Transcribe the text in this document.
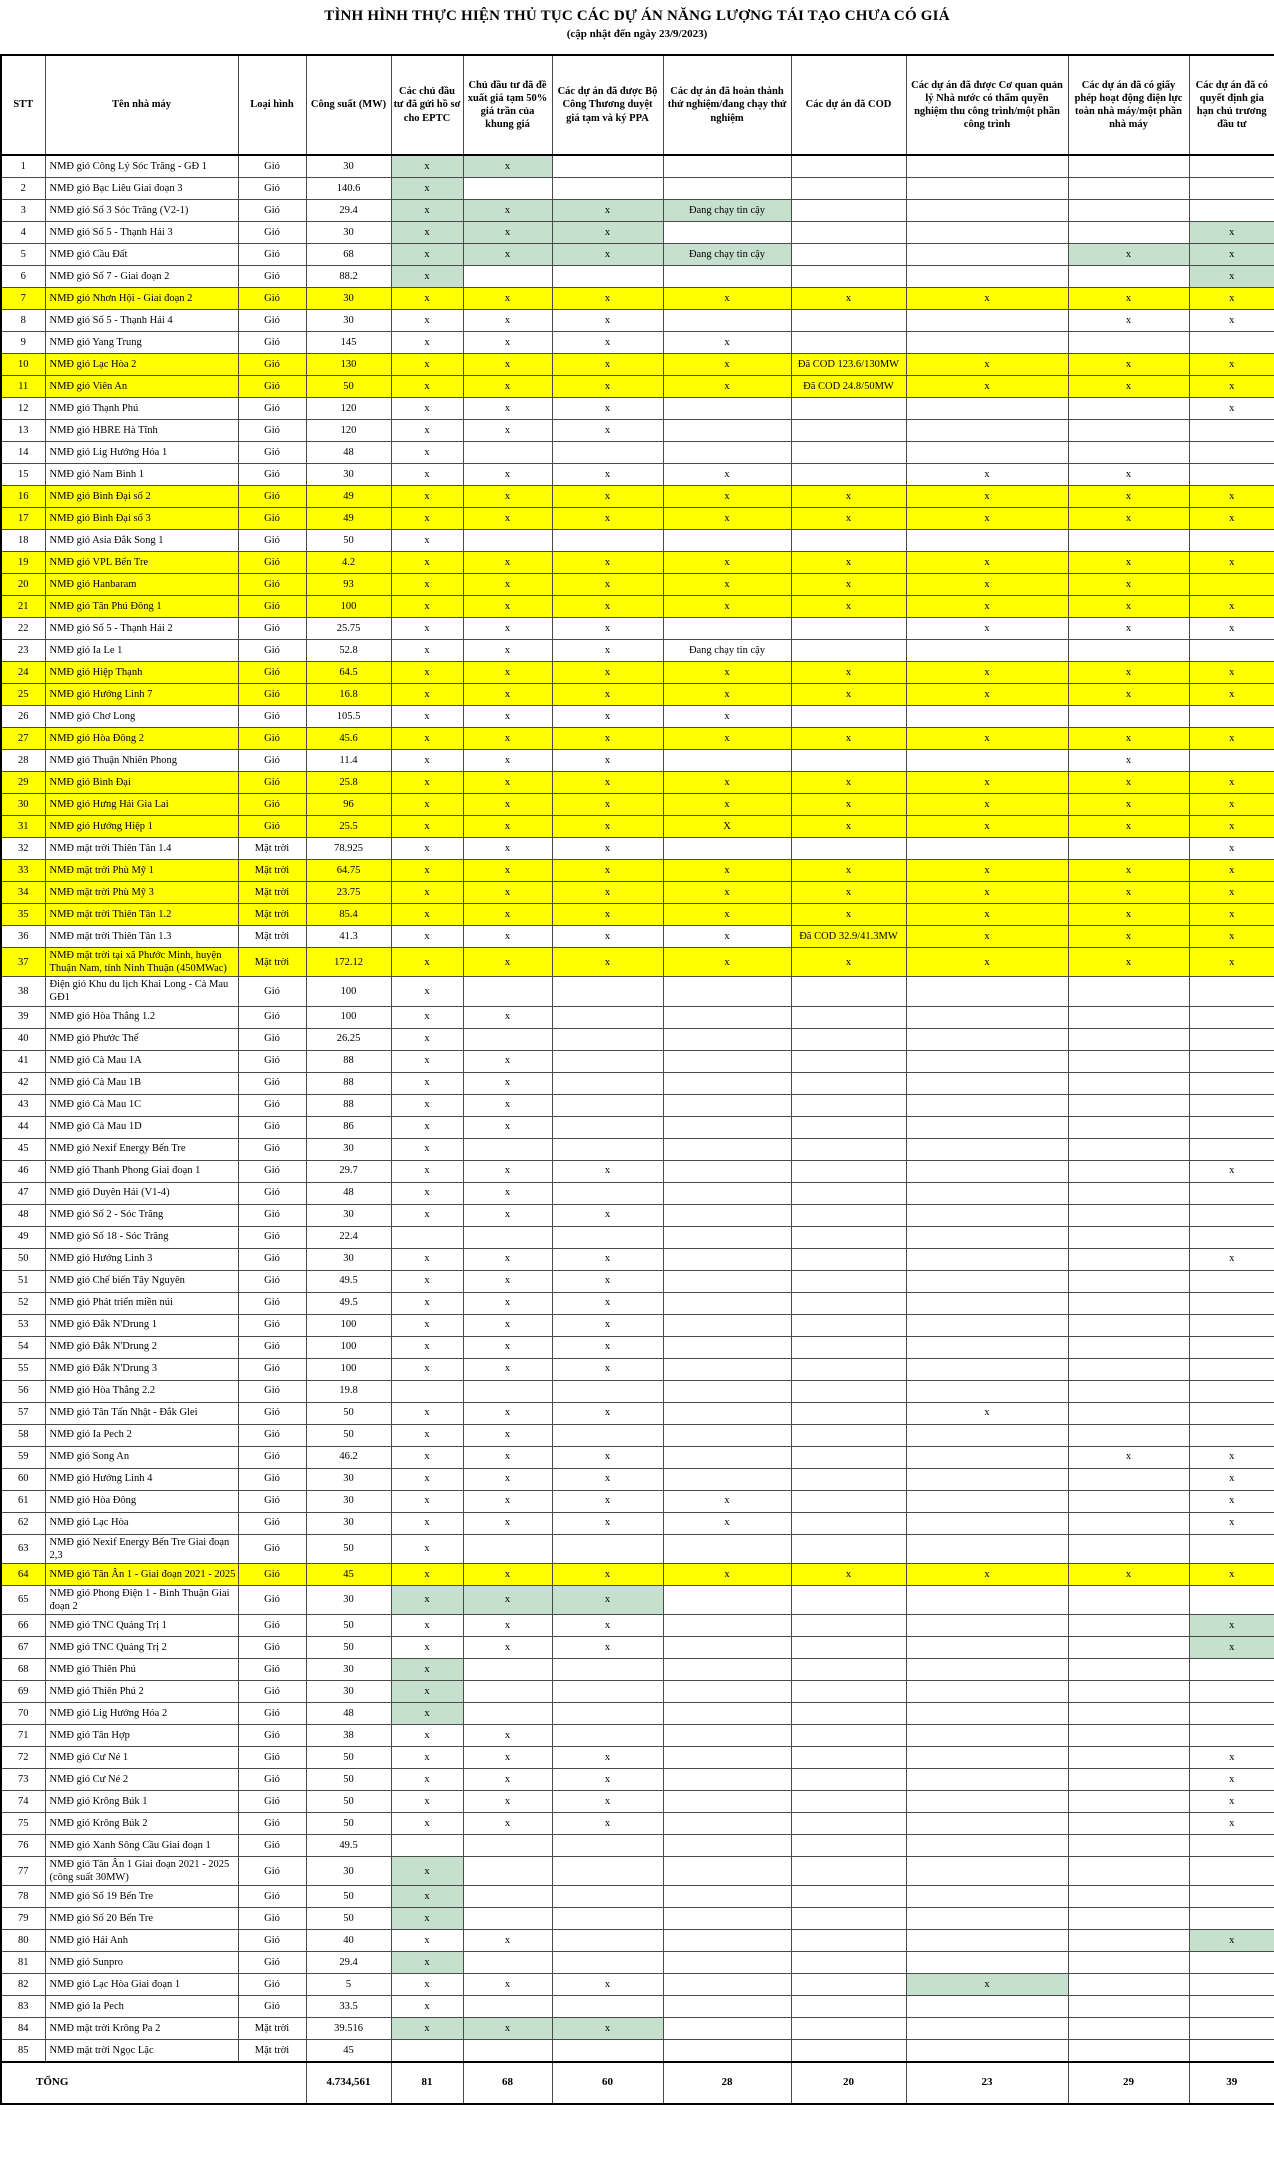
TÌNH HÌNH THỰC HIỆN THỦ TỤC CÁC DỰ ÁN NĂNG LƯỢNG TÁI TẠO CHƯA CÓ GIÁ
(cập nhật đến ngày 23/9/2023)
STT	Tên nhà máy	Loại hình	Công suất (MW)	Các chủ đầu tư đã gửi hồ sơ cho EPTC	Chủ đầu tư đã đề xuất giá tạm 50% giá trần của khung giá	Các dự án đã được Bộ Công Thương duyệt giá tạm và ký PPA	Các dự án đã hoàn thành thử nghiệm/đang chạy thử nghiệm	Các dự án đã COD	Các dự án đã được Cơ quan quản lý Nhà nước có thẩm quyền nghiệm thu công trình/một phần công trình	Các dự án đã có giấy phép hoạt động điện lực toàn nhà máy/một phần nhà máy	Các dự án đã có quyết định gia hạn chủ trương đầu tư
1	NMĐ gió Công Lý Sóc Trăng - GĐ 1	Gió	30	x	x						
2	NMĐ gió Bạc Liêu Giai đoạn 3	Gió	140.6	x							
3	NMĐ gió Số 3 Sóc Trăng (V2-1)	Gió	29.4	x	x	x	Đang chạy tin cậy				
4	NMĐ gió Số 5 - Thạnh Hải 3	Gió	30	x	x	x					x
5	NMĐ gió Cầu Đất	Gió	68	x	x	x	Đang chạy tin cậy			x	x
6	NMĐ gió Số 7 - Giai đoạn 2	Gió	88.2	x							x
7	NMĐ gió Nhơn Hội - Giai đoạn 2	Gió	30	x	x	x	x	x	x	x	x
8	NMĐ gió Số 5 - Thạnh Hải 4	Gió	30	x	x	x				x	x
9	NMĐ gió Yang Trung	Gió	145	x	x	x	x				
10	NMĐ gió Lạc Hòa 2	Gió	130	x	x	x	x	Đã COD 123.6/130MW	x	x	x
11	NMĐ gió Viên An	Gió	50	x	x	x	x	Đã COD 24.8/50MW	x	x	x
12	NMĐ gió Thạnh Phú	Gió	120	x	x	x					x
13	NMĐ gió HBRE Hà Tĩnh	Gió	120	x	x	x					
14	NMĐ gió Lig Hướng Hóa 1	Gió	48	x							
15	NMĐ gió Nam Bình 1	Gió	30	x	x	x	x		x	x	
16	NMĐ gió Bình Đại số 2	Gió	49	x	x	x	x	x	x	x	x
17	NMĐ gió Bình Đại số 3	Gió	49	x	x	x	x	x	x	x	x
18	NMĐ gió Asia Đắk Song 1	Gió	50	x							
19	NMĐ gió VPL Bến Tre	Gió	4.2	x	x	x	x	x	x	x	x
20	NMĐ gió Hanbaram	Gió	93	x	x	x	x	x	x	x	
21	NMĐ gió Tân Phú Đông 1	Gió	100	x	x	x	x	x	x	x	x
22	NMĐ gió Số 5 - Thạnh Hải 2	Gió	25.75	x	x	x			x	x	x
23	NMĐ gió Ia Le 1	Gió	52.8	x	x	x	Đang chạy tin cậy				
24	NMĐ gió Hiệp Thạnh	Gió	64.5	x	x	x	x	x	x	x	x
25	NMĐ gió Hướng Linh 7	Gió	16.8	x	x	x	x	x	x	x	x
26	NMĐ gió Chơ Long	Gió	105.5	x	x	x	x				
27	NMĐ gió Hòa Đông 2	Gió	45.6	x	x	x	x	x	x	x	x
28	NMĐ gió Thuận Nhiên Phong	Gió	11.4	x	x	x				x	
29	NMĐ gió Bình Đại	Gió	25.8	x	x	x	x	x	x	x	x
30	NMĐ gió Hưng Hải Gia Lai	Gió	96	x	x	x	x	x	x	x	x
31	NMĐ gió Hướng Hiệp 1	Gió	25.5	x	x	x	X	x	x	x	x
32	NMĐ mặt trời Thiên Tân 1.4	Mặt trời	78.925	x	x	x					x
33	NMĐ mặt trời Phù Mỹ 1	Mặt trời	64.75	x	x	x	x	x	x	x	x
34	NMĐ mặt trời Phù Mỹ 3	Mặt trời	23.75	x	x	x	x	x	x	x	x
35	NMĐ mặt trời Thiên Tân 1.2	Mặt trời	85.4	x	x	x	x	x	x	x	x
36	NMĐ mặt trời Thiên Tân 1.3	Mặt trời	41.3	x	x	x	x	Đã COD 32.9/41.3MW	x	x	x
37	NMĐ mặt trời tại xã Phước Minh, huyện Thuận Nam, tỉnh Ninh Thuận (450MWac)	Mặt trời	172.12	x	x	x	x	x	x	x	x
38	Điện gió Khu du lịch Khai Long - Cà Mau GĐ1	Gió	100	x							
39	NMĐ gió Hòa Thắng 1.2	Gió	100	x	x						
40	NMĐ gió Phước Thể	Gió	26.25	x							
41	NMĐ gió Cà Mau 1A	Gió	88	x	x						
42	NMĐ gió Cà Mau 1B	Gió	88	x	x						
43	NMĐ gió Cà Mau 1C	Gió	88	x	x						
44	NMĐ gió Cà Mau 1D	Gió	86	x	x						
45	NMĐ gió Nexif Energy Bến Tre	Gió	30	x							
46	NMĐ gió Thanh Phong Giai đoạn 1	Gió	29.7	x	x	x					x
47	NMĐ gió Duyên Hải (V1-4)	Gió	48	x	x						
48	NMĐ gió Số 2 - Sóc Trăng	Gió	30	x	x	x					
49	NMĐ gió Số 18 - Sóc Trăng	Gió	22.4								
50	NMĐ gió Hướng Linh 3	Gió	30	x	x	x					x
51	NMĐ gió Chế biến Tây Nguyên	Gió	49.5	x	x	x					
52	NMĐ gió Phát triển miền núi	Gió	49.5	x	x	x					
53	NMĐ gió Đắk N'Drung 1	Gió	100	x	x	x					
54	NMĐ gió Đắk N'Drung 2	Gió	100	x	x	x					
55	NMĐ gió Đắk N'Drung 3	Gió	100	x	x	x					
56	NMĐ gió Hòa Thắng 2.2	Gió	19.8								
57	NMĐ gió Tân Tấn Nhật - Đắk Glei	Gió	50	x	x	x			x		
58	NMĐ gió Ia Pech 2	Gió	50	x	x						
59	NMĐ gió Song An	Gió	46.2	x	x	x				x	x
60	NMĐ gió Hướng Linh 4	Gió	30	x	x	x					x
61	NMĐ gió Hòa Đông	Gió	30	x	x	x	x				x
62	NMĐ gió Lạc Hòa	Gió	30	x	x	x	x				x
63	NMĐ gió Nexif Energy Bến Tre Giai đoạn 2,3	Gió	50	x							
64	NMĐ gió Tân Ân 1 - Giai đoạn 2021 - 2025	Gió	45	x	x	x	x	x	x	x	x
65	NMĐ gió Phong Điện 1 - Bình Thuận Giai đoạn 2	Gió	30	x	x	x					
66	NMĐ gió TNC Quảng Trị 1	Gió	50	x	x	x					x
67	NMĐ gió TNC Quảng Trị 2	Gió	50	x	x	x					x
68	NMĐ gió Thiên Phú	Gió	30	x							
69	NMĐ gió Thiên Phú 2	Gió	30	x							
70	NMĐ gió Lig Hướng Hóa 2	Gió	48	x							
71	NMĐ gió Tân Hợp	Gió	38	x	x						
72	NMĐ gió Cư Né 1	Gió	50	x	x	x					x
73	NMĐ gió Cư Né 2	Gió	50	x	x	x					x
74	NMĐ gió Krông Búk 1	Gió	50	x	x	x					x
75	NMĐ gió Krông Búk 2	Gió	50	x	x	x					x
76	NMĐ gió Xanh Sông Cầu Giai đoạn 1	Gió	49.5								
77	NMĐ gió Tân Ân 1 Giai đoạn 2021 - 2025 (công suất 30MW)	Gió	30	x							
78	NMĐ gió Số 19 Bến Tre	Gió	50	x							
79	NMĐ gió Số 20 Bến Tre	Gió	50	x							
80	NMĐ gió Hải Anh	Gió	40	x	x						x
81	NMĐ gió Sunpro	Gió	29.4	x							
82	NMĐ gió Lạc Hòa Giai đoạn 1	Gió	5	x	x	x			x		
83	NMĐ gió Ia Pech	Gió	33.5	x							
84	NMĐ mặt trời Krông Pa 2	Mặt trời	39.516	x	x	x					
85	NMĐ mặt trời Ngọc Lặc	Mặt trời	45								
TỔNG			4.734,561	81	68	60	28	20	23	29	39
